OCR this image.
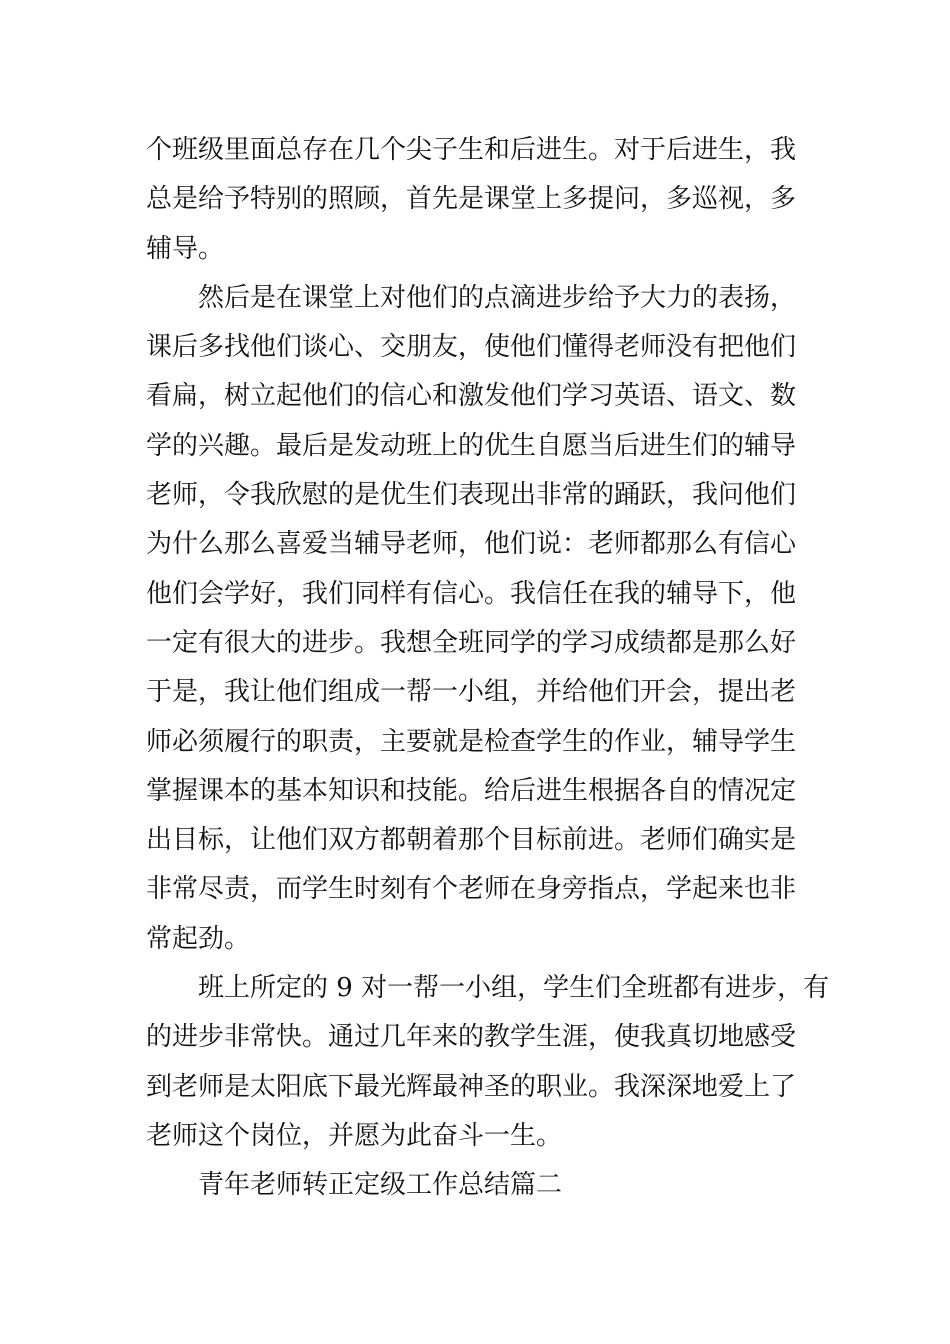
个班级里面总存在几个尖子生和后进生。对于后进生，我
总是给予特别的照顾，首先是课堂上多提问，多巡视，多
辅导。
然后是在课堂上对他们的点滴进步给予大力的表扬，
课后多找他们谈心、交朋友，使他们懂得老师没有把他们
看扁，树立起他们的信心和激发他们学习英语、语文、数
学的兴趣。最后是发动班上的优生自愿当后进生们的辅导
老师，令我欣慰的是优生们表现出非常的踊跃，我问他们
为什么那么喜爱当辅导老师，他们说：老师都那么有信心
他们会学好，我们同样有信心。我信任在我的辅导下，他
一定有很大的进步。我想全班同学的学习成绩都是那么好
于是，我让他们组成一帮一小组，并给他们开会，提出老
师必须履行的职责，主要就是检查学生的作业，辅导学生
掌握课本的基本知识和技能。给后进生根据各自的情况定
出目标，让他们双方都朝着那个目标前进。老师们确实是
非常尽责，而学生时刻有个老师在身旁指点，学起来也非
常起劲。
班上所定的 9 对一帮一小组，学生们全班都有进步，有
的进步非常快。通过几年来的教学生涯，使我真切地感受
到老师是太阳底下最光辉最神圣的职业。我深深地爱上了
老师这个岗位，并愿为此奋斗一生。
青年老师转正定级工作总结篇二
